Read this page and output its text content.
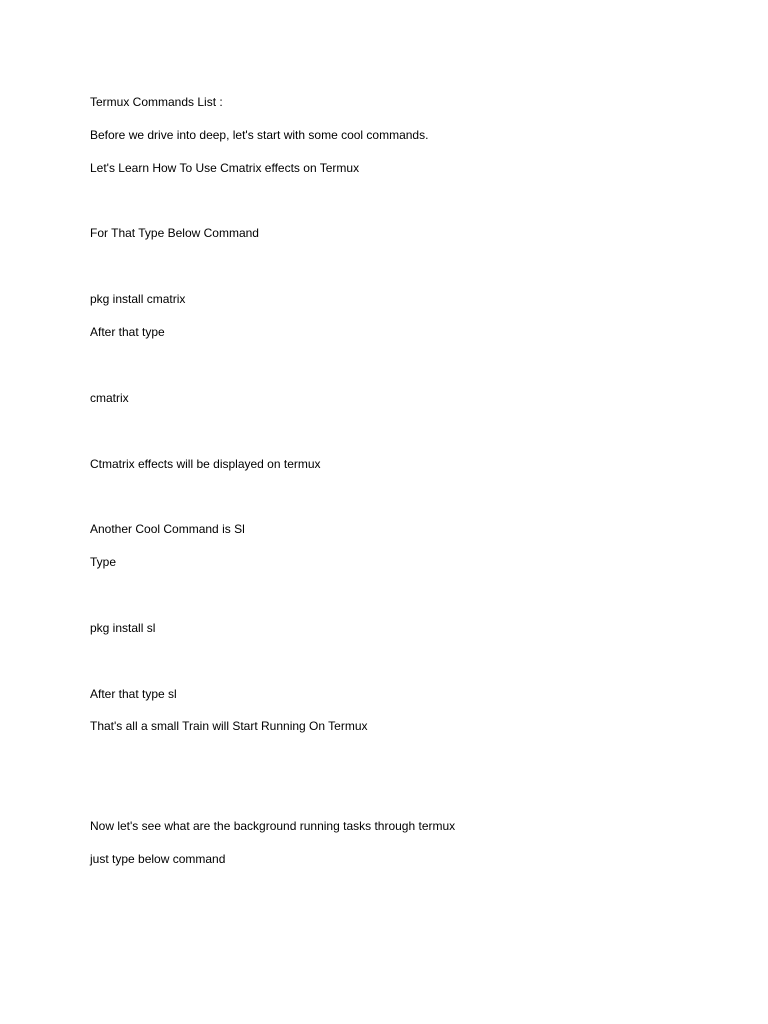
Termux Commands List :

Before we drive into deep, let's start with some cool commands.

Let's Learn How To Use Cmatrix effects on Termux

For That Type Below Command

pkg install cmatrix

After that type

cmatrix

Ctmatrix effects will be displayed on termux

Another Cool Command is Sl

Type

pkg install sl

After that type sl

That's all a small Train will Start Running On Termux

Now let's see what are the background running tasks through termux

just type below command
